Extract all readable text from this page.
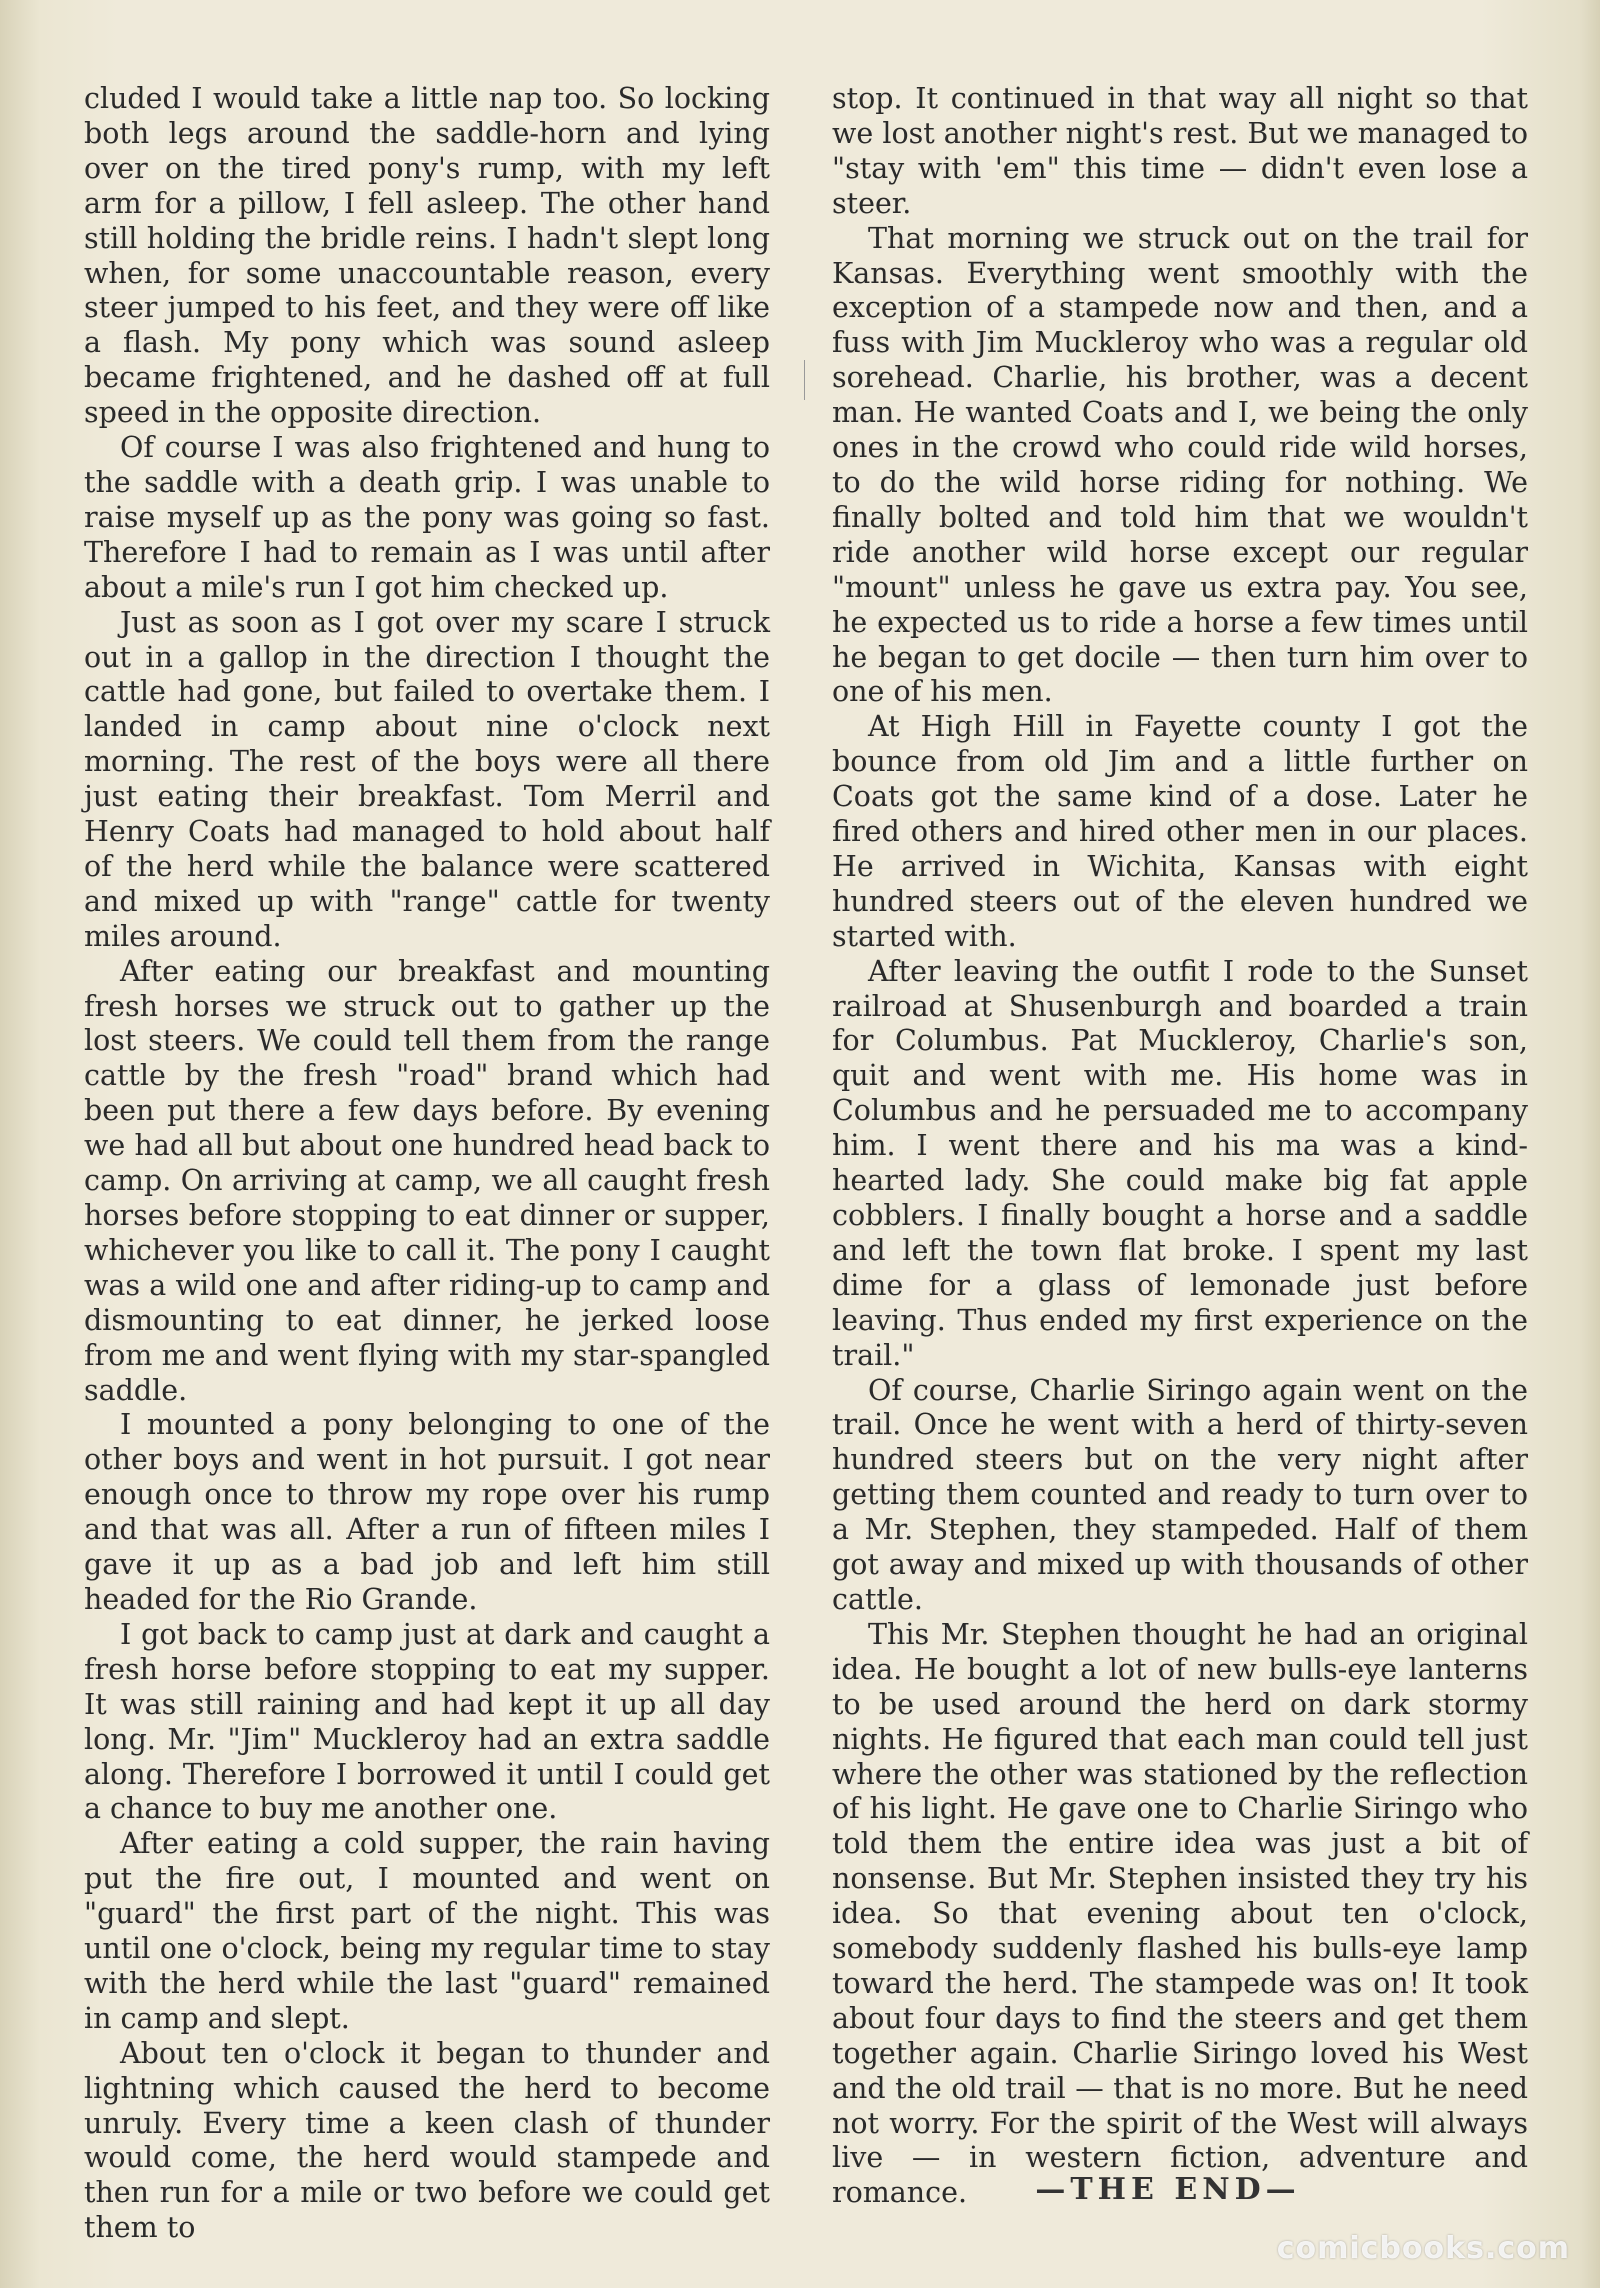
cluded I would take a little nap too. So locking both legs around the saddle-horn and lying over on the tired pony's rump, with my left arm for a pillow, I fell asleep. The other hand still holding the bridle reins. I hadn't slept long when, for some unaccountable reason, every steer jumped to his feet, and they were off like a flash. My pony which was sound asleep became frightened, and he dashed off at full speed in the opposite direction.

Of course I was also frightened and hung to the saddle with a death grip. I was unable to raise myself up as the pony was going so fast. Therefore I had to remain as I was until after about a mile's run I got him checked up.

Just as soon as I got over my scare I struck out in a gallop in the direction I thought the cattle had gone, but failed to overtake them. I landed in camp about nine o'clock next morning. The rest of the boys were all there just eating their breakfast. Tom Merril and Henry Coats had managed to hold about half of the herd while the balance were scattered and mixed up with "range" cattle for twenty miles around.

After eating our breakfast and mounting fresh horses we struck out to gather up the lost steers. We could tell them from the range cattle by the fresh "road" brand which had been put there a few days before. By evening we had all but about one hundred head back to camp. On arriving at camp, we all caught fresh horses before stopping to eat dinner or supper, whichever you like to call it. The pony I caught was a wild one and after riding-up to camp and dismounting to eat dinner, he jerked loose from me and went flying with my star-spangled saddle.

I mounted a pony belonging to one of the other boys and went in hot pursuit. I got near enough once to throw my rope over his rump and that was all. After a run of fifteen miles I gave it up as a bad job and left him still headed for the Rio Grande.

I got back to camp just at dark and caught a fresh horse before stopping to eat my supper. It was still raining and had kept it up all day long. Mr. "Jim" Muckleroy had an extra saddle along. Therefore I borrowed it until I could get a chance to buy me another one.

After eating a cold supper, the rain having put the fire out, I mounted and went on "guard" the first part of the night. This was until one o'clock, being my regular time to stay with the herd while the last "guard" remained in camp and slept.

About ten o'clock it began to thunder and lightning which caused the herd to become unruly. Every time a keen clash of thunder would come, the herd would stampede and then run for a mile or two before we could get them to

stop. It continued in that way all night so that we lost another night's rest. But we managed to "stay with 'em" this time — didn't even lose a steer.

That morning we struck out on the trail for Kansas. Everything went smoothly with the exception of a stampede now and then, and a fuss with Jim Muckleroy who was a regular old sorehead. Charlie, his brother, was a decent man. He wanted Coats and I, we being the only ones in the crowd who could ride wild horses, to do the wild horse riding for nothing. We finally bolted and told him that we wouldn't ride another wild horse except our regular "mount" unless he gave us extra pay. You see, he expected us to ride a horse a few times until he began to get docile — then turn him over to one of his men.

At High Hill in Fayette county I got the bounce from old Jim and a little further on Coats got the same kind of a dose. Later he fired others and hired other men in our places. He arrived in Wichita, Kansas with eight hundred steers out of the eleven hundred we started with.

After leaving the outfit I rode to the Sunset railroad at Shusenburgh and boarded a train for Columbus. Pat Muckleroy, Charlie's son, quit and went with me. His home was in Columbus and he persuaded me to accompany him. I went there and his ma was a kind-hearted lady. She could make big fat apple cobblers. I finally bought a horse and a saddle and left the town flat broke. I spent my last dime for a glass of lemonade just before leaving. Thus ended my first experience on the trail."

Of course, Charlie Siringo again went on the trail. Once he went with a herd of thirty-seven hundred steers but on the very night after getting them counted and ready to turn over to a Mr. Stephen, they stampeded. Half of them got away and mixed up with thousands of other cattle.

This Mr. Stephen thought he had an original idea. He bought a lot of new bulls-eye lanterns to be used around the herd on dark stormy nights. He figured that each man could tell just where the other was stationed by the reflection of his light. He gave one to Charlie Siringo who told them the entire idea was just a bit of nonsense. But Mr. Stephen insisted they try his idea. So that evening about ten o'clock, somebody suddenly flashed his bulls-eye lamp toward the herd. The stampede was on! It took about four days to find the steers and get them together again. Charlie Siringo loved his West and the old trail — that is no more. But he need not worry. For the spirit of the West will always live — in western fiction, adventure and romance.	—THE END—
comicbooks.com
